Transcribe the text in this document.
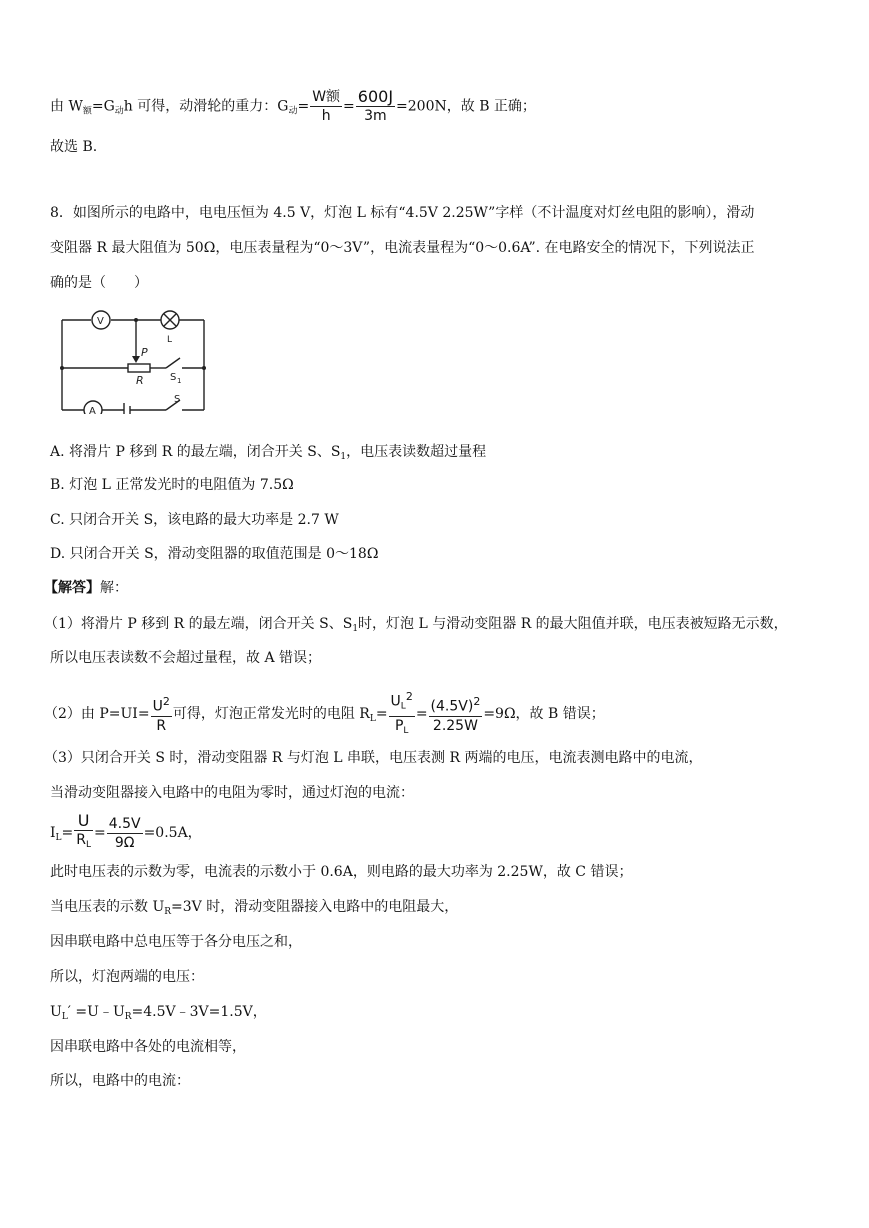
由 $W_额=G_动h$ 可得，动滑轮的重力：$G_动= \frac{\text{W额}}{h} = \frac{600J}{3m} =200N$，故 B 正确；
故选 B.
8．如图所示的电路中，电电压恒为 4.5 V，灯泡 L 标有“4.5V 2.25W”字样（不计温度对灯丝电阻的影响），滑动
变阻器 R 最大阻值为 50Ω，电压表量程为“0～3V”，电流表量程为“0～0.6A”. 在电路安全的情况下，下列说法正
确的是（　　）
V
A
L
P
R	S 1
S
A. 将滑片 P 移到 R 的最左端，闭合开关 S、$S_1$，电压表读数超过量程
B. 灯泡 L 正常发光时的电阻值为 7.5Ω
C. 只闭合开关 S，该电路的最大功率是 2.7 W
D. 只闭合开关 S，滑动变阻器的取值范围是 0～18Ω
【解答】解：
（1）将滑片 P 移到 R 的最左端，闭合开关 S、$S_1$时，灯泡 L 与滑动变阻器 R 的最大阻值并联，电压表被短路无示数，
所以电压表读数不会超过量程，故 A 错误；
（2）由 $P=UI= \frac{U^2}{R}$ 可得，灯泡正常发光时的电阻 $R_L= \frac{U_L^2}{P_L} = \frac{(4.5V)^2}{2.25W} =9\Omega$，故 B 错误；
（3）只闭合开关 S 时，滑动变阻器 R 与灯泡 L 串联，电压表测 R 两端的电压，电流表测电路中的电流，
当滑动变阻器接入电路中的电阻为零时，通过灯泡的电流：
$I_L= \frac{U}{R_L} = \frac{4.5V}{9\Omega} =0.5A$，
此时电压表的示数为零，电流表的示数小于 0.6A，则电路的最大功率为 2.25W，故 C 错误；
当电压表的示数 $U_R=3V$ 时，滑动变阻器接入电路中的电阻最大，
因串联电路中总电压等于各分电压之和，
所以，灯泡两端的电压：
$U_L'$ $=U﹣U_R=4.5V﹣3V=1.5V$，
因串联电路中各处的电流相等，
所以，电路中的电流：
